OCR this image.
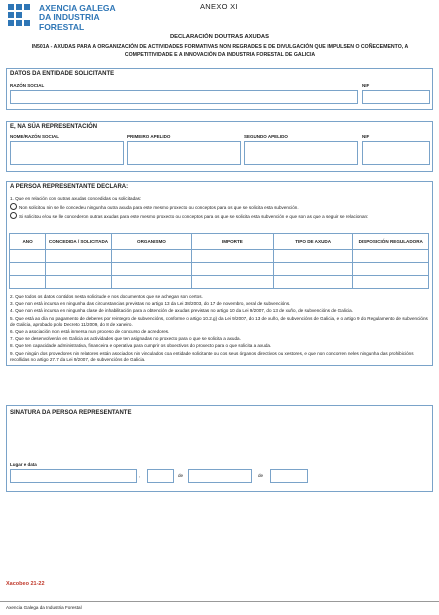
AXENCIA GALEGA
DA INDUSTRIA
FORESTAL
ANEXO XI
DECLARACIÓN DOUTRAS AXUDAS
IN501A - AXUDAS PARA A ORGANIZACIÓN DE ACTIVIDADES FORMATIVAS NON REGRADES E DE DIVULGACIÓN QUE IMPULSEN O COÑECEMENTO, A COMPETITIVIDADE E A INNOVACIÓN DA INDUSTRIA FORESTAL DE GALICIA
DATOS DA ENTIDADE SOLICITANTE
RAZÓN SOCIAL	NIF
E, NA SÚA REPRESENTACIÓN
NOME/RAZÓN SOCIAL	PRIMEIRO APELIDO	SEGUNDO APELIDO	NIF
A PERSOA REPRESENTANTE DECLARA:
1. Que en relación con outras axudas concedidas ou solicitadas:
Non solicitou nin se lle concedeu ningunha outra axuda para este mesmo proxecto ou conceptos para os que se solicita esta subvención.
Si solicitou e/ou se lle concederon outras axudas para este mesmo proxecto ou conceptos para os que se solicita esta subvención e que son as que a seguir se relacionan:
ANO	CONCEDIDA / SOLICITADA	ORGANISMO	IMPORTE	TIPO DE AXUDA	DISPOSICIÓN REGULADORA

2. Que todos os datos contidos nesta solicitude e nos documentos que se achegan son certos.
3. Que non está incursa en ningunha das circunstancias previstas no artigo 13 da Lei 38/2003, do 17 de novembro, xeral de subvencións.
4. Que non está incursa en ningunha clase de inhabilitación para a obtención de axudas previstas no artigo 10 da Lei 9/2007, do 13 de xuño, de subvencións de Galicia.
5. Que está ao día no pagamento de deberes por reintegro de subvencións, conforme o artigo 10.2.g) da Lei 9/2007, do 13 de xuño, de subvencións de Galicia, e o artigo 9 do Regulamento de subvencións de Galicia, aprobado polo Decreto 11/2009, do 8 de xaneiro.
6. Que a asociación non está inmersa nun proceso de concurso de acredores.
7. Que se desenvolverán en Galicia as actividades que ten asignadas no proxecto para o que se solicita a axuda.
8. Que ten capacidade administrativa, financeira e operativa para cumprir os obxectivos do proxecto para o que solicita a axuda.
9. Que ningún dos provedores nin relatores están asociados nin vinculados coa entidade solicitante ou cos seus órganos directivos ou xestores, e que non concorren neles ningunha das prohibicións recollidas no artigo 27.7 da Lei 9/2007, de subvencións de Galicia.
SINATURA DA PERSOA REPRESENTANTE
Lugar e data
,	de	de
Xacobeo 21-22
Axencia Galega da Industria Forestal
